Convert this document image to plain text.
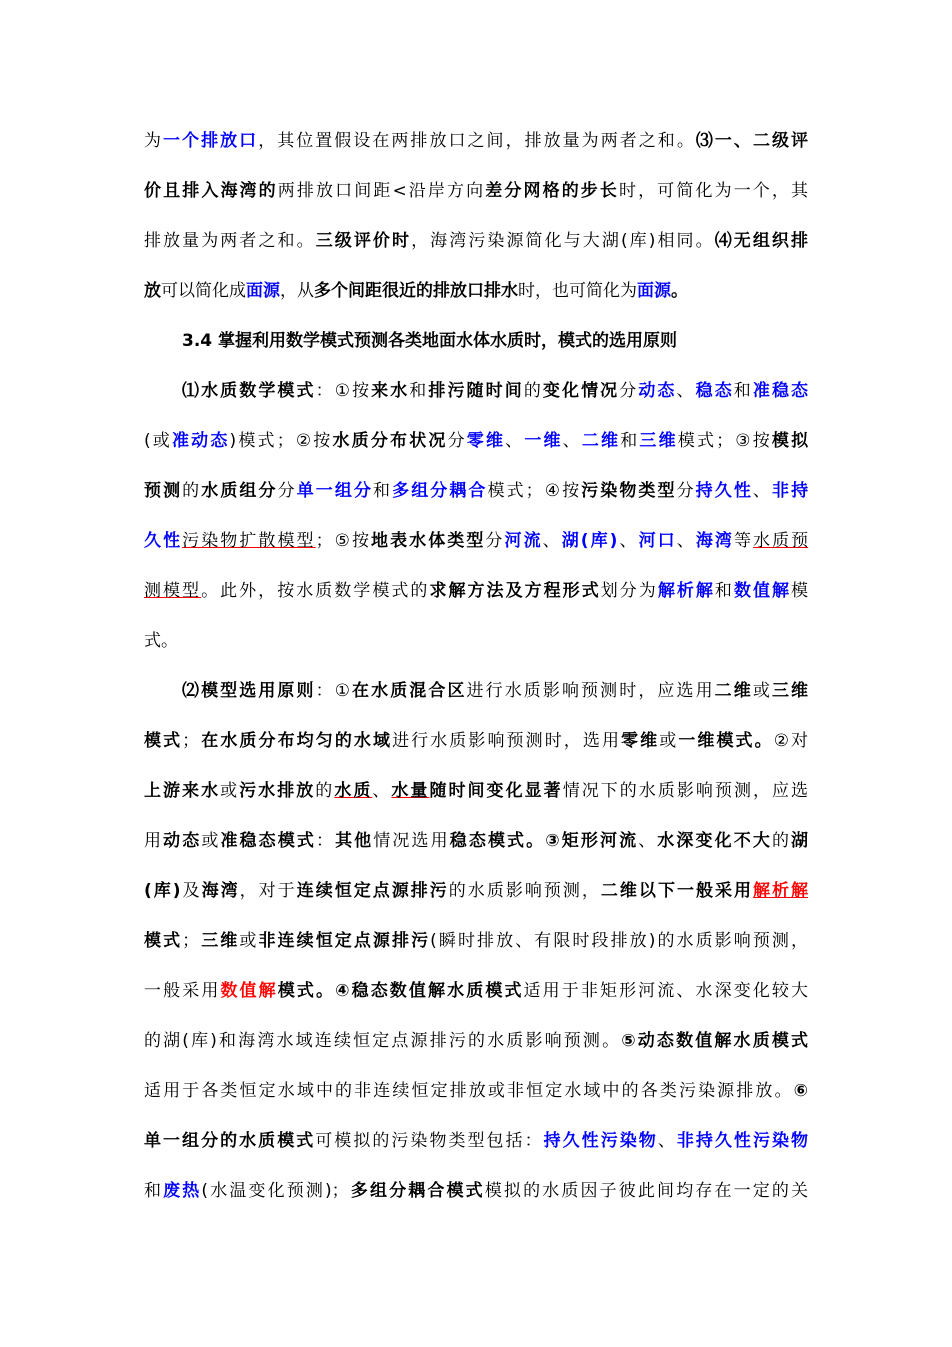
为一个排放口，其位置假设在两排放口之间，排放量为两者之和。⑶一、二级评
价且排入海湾的两排放口间距<沿岸方向差分网格的步长时，可简化为一个，其
排放量为两者之和。三级评价时，海湾污染源简化与大湖(库)相同。⑷无组织排
放可以简化成面源，从多个间距很近的排放口排水时，也可简化为面源。
3.4 掌握利用数学模式预测各类地面水体水质时，模式的选用原则
⑴水质数学模式：①按来水和排污随时间的变化情况分动态、稳态和准稳态
(或准动态)模式；②按水质分布状况分零维、一维、二维和三维模式；③按模拟
预测的水质组分分单一组分和多组分耦合模式；④按污染物类型分持久性、非持
久性污染物扩散模型；⑤按地表水体类型分河流、湖(库)、河口、海湾等水质预
测模型。此外，按水质数学模式的求解方法及方程形式划分为解析解和数值解模
式。
⑵模型选用原则：①在水质混合区进行水质影响预测时，应选用二维或三维
模式；在水质分布均匀的水域进行水质影响预测时，选用零维或一维模式。②对
上游来水或污水排放的水质、水量随时间变化显著情况下的水质影响预测，应选
用动态或准稳态模式：其他情况选用稳态模式。③矩形河流、水深变化不大的湖
(库)及海湾，对于连续恒定点源排污的水质影响预测，二维以下一般采用解析解
模式；三维或非连续恒定点源排污(瞬时排放、有限时段排放)的水质影响预测，
一般采用数值解模式。④稳态数值解水质模式适用于非矩形河流、水深变化较大
的湖(库)和海湾水域连续恒定点源排污的水质影响预测。⑤动态数值解水质模式
适用于各类恒定水域中的非连续恒定排放或非恒定水域中的各类污染源排放。⑥
单一组分的水质模式可模拟的污染物类型包括：持久性污染物、非持久性污染物
和废热(水温变化预测)；多组分耦合模式模拟的水质因子彼此间均存在一定的关
